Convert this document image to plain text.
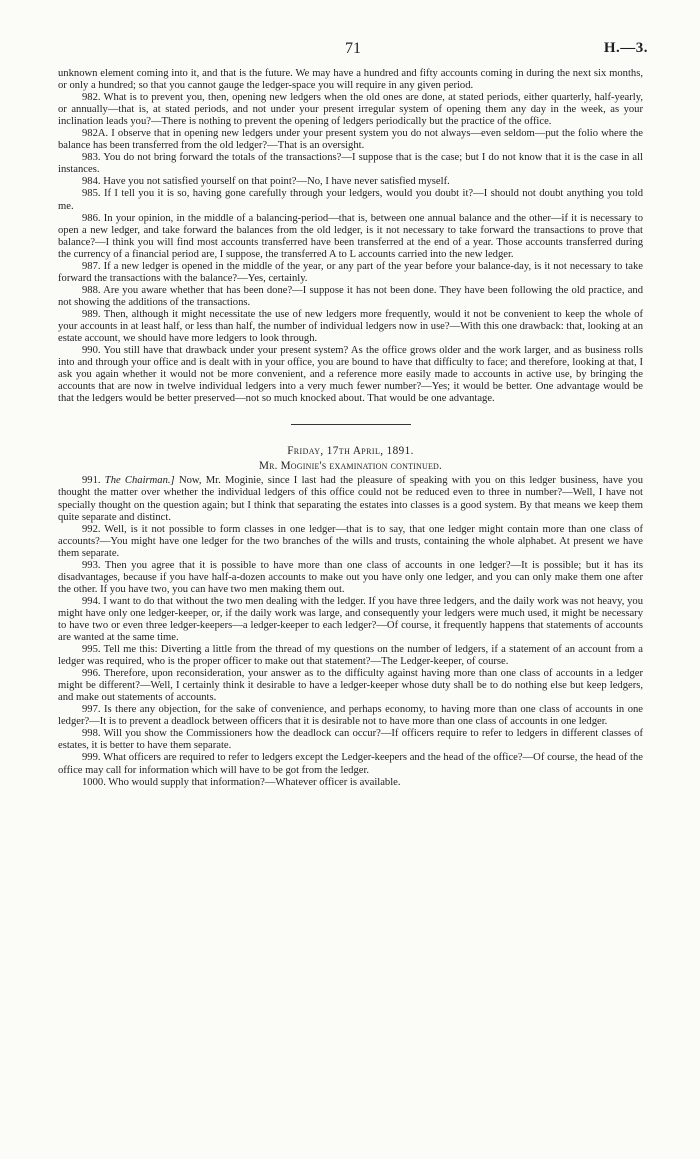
71	H.—3.

unknown element coming into it, and that is the future. We may have a hundred and fifty accounts coming in during the next six months, or only a hundred; so that you cannot gauge the ledger-space you will require in any given period.

982. What is to prevent you, then, opening new ledgers when the old ones are done, at stated periods, either quarterly, half-yearly, or annually—that is, at stated periods, and not under your present irregular system of opening them any day in the week, as your inclination leads you?—There is nothing to prevent the opening of ledgers periodically but the practice of the office.

982A. I observe that in opening new ledgers under your present system you do not always—even seldom—put the folio where the balance has been transferred from the old ledger?—That is an oversight.

983. You do not bring forward the totals of the transactions?—I suppose that is the case; but I do not know that it is the case in all instances.

984. Have you not satisfied yourself on that point?—No, I have never satisfied myself.

985. If I tell you it is so, having gone carefully through your ledgers, would you doubt it?—I should not doubt anything you told me.

986. In your opinion, in the middle of a balancing-period—that is, between one annual balance and the other—if it is necessary to open a new ledger, and take forward the balances from the old ledger, is it not necessary to take forward the transactions to prove that balance?—I think you will find most accounts transferred have been transferred at the end of a year. Those accounts transferred during the currency of a financial period are, I suppose, the transferred A to L accounts carried into the new ledger.

987. If a new ledger is opened in the middle of the year, or any part of the year before your balance-day, is it not necessary to take forward the transactions with the balance?—Yes, certainly.

988. Are you aware whether that has been done?—I suppose it has not been done. They have been following the old practice, and not showing the additions of the transactions.

989. Then, although it might necessitate the use of new ledgers more frequently, would it not be convenient to keep the whole of your accounts in at least half, or less than half, the number of individual ledgers now in use?—With this one drawback: that, looking at an estate account, we should have more ledgers to look through.

990. You still have that drawback under your present system? As the office grows older and the work larger, and as business rolls into and through your office and is dealt with in your office, you are bound to have that difficulty to face; and therefore, looking at that, I ask you again whether it would not be more convenient, and a reference more easily made to accounts in active use, by bringing the accounts that are now in twelve individual ledgers into a very much fewer number?—Yes; it would be better. One advantage would be that the ledgers would be better preserved—not so much knocked about. That would be one advantage.

Friday, 17th April, 1891.
Mr. Moginie's examination continued.

991. The Chairman.] Now, Mr. Moginie, since I last had the pleasure of speaking with you on this ledger business, have you thought the matter over whether the individual ledgers of this office could not be reduced even to three in number?—Well, I have not specially thought on the question again; but I think that separating the estates into classes is a good system. By that means we keep them quite separate and distinct.

992. Well, is it not possible to form classes in one ledger—that is to say, that one ledger might contain more than one class of accounts?—You might have one ledger for the two branches of the wills and trusts, containing the whole alphabet. At present we have them separate.

993. Then you agree that it is possible to have more than one class of accounts in one ledger?—It is possible; but it has its disadvantages, because if you have half-a-dozen accounts to make out you have only one ledger, and you can only make them one after the other. If you have two, you can have two men making them out.

994. I want to do that without the two men dealing with the ledger. If you have three ledgers, and the daily work was not heavy, you might have only one ledger-keeper, or, if the daily work was large, and consequently your ledgers were much used, it might be necessary to have two or even three ledger-keepers—a ledger-keeper to each ledger?—Of course, it frequently happens that statements of accounts are wanted at the same time.

995. Tell me this: Diverting a little from the thread of my questions on the number of ledgers, if a statement of an account from a ledger was required, who is the proper officer to make out that statement?—The Ledger-keeper, of course.

996. Therefore, upon reconsideration, your answer as to the difficulty against having more than one class of accounts in a ledger might be different?—Well, I certainly think it desirable to have a ledger-keeper whose duty shall be to do nothing else but keep ledgers, and make out statements of accounts.

997. Is there any objection, for the sake of convenience, and perhaps economy, to having more than one class of accounts in one ledger?—It is to prevent a deadlock between officers that it is desirable not to have more than one class of accounts in one ledger.

998. Will you show the Commissioners how the deadlock can occur?—If officers require to refer to ledgers in different classes of estates, it is better to have them separate.

999. What officers are required to refer to ledgers except the Ledger-keepers and the head of the office?—Of course, the head of the office may call for information which will have to be got from the ledger.

1000. Who would supply that information?—Whatever officer is available.
